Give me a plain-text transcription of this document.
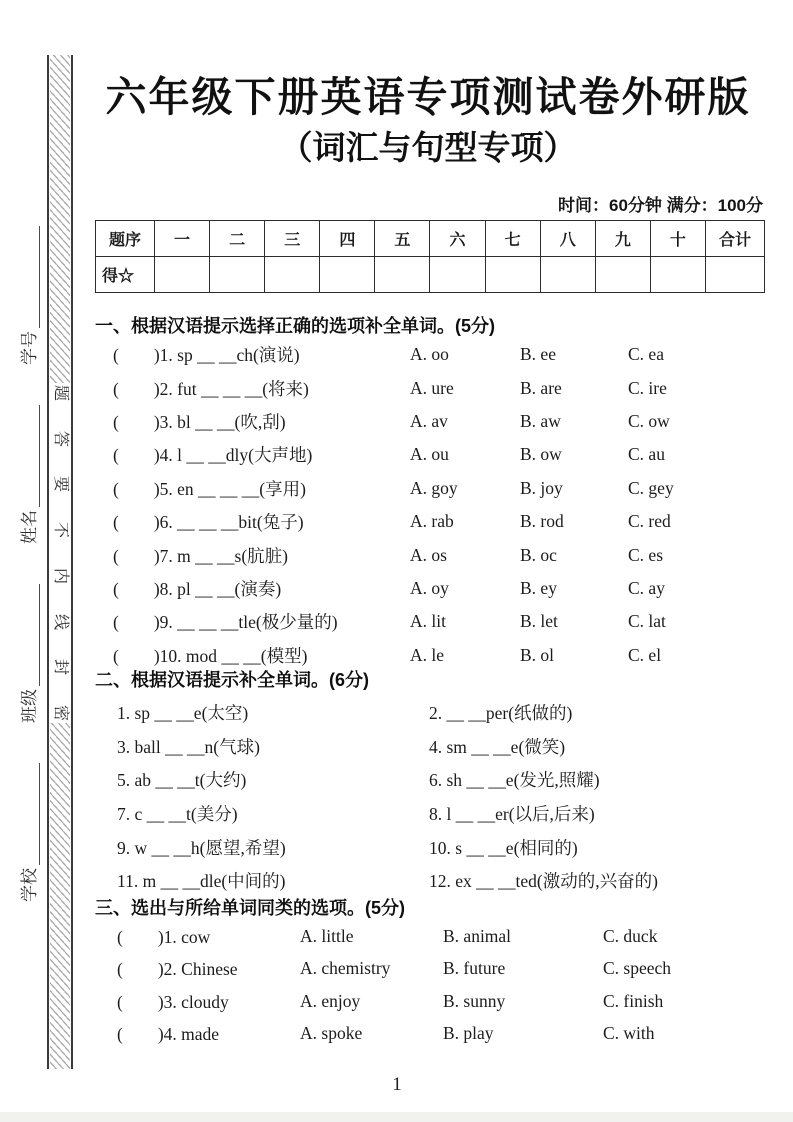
题
答
要
不
内
线
封
密
学校
班级
姓名
学号
六年级下册英语专项测试卷外研版
（词汇与句型专项）
时间：60分钟 满分：100分
题序	一	二	三	四	五	六	七	八	九	十	合计
得☆											
一、根据汉语提示选择正确的选项补全单词。(5分)
(　　)1. sp __ __ch(演说)	A. oo	B. ee	C. ea
(　　)2. fut __ __ __(将来)	A. ure	B. are	C. ire
(　　)3. bl __ __(吹,刮)	A. av	B. aw	C. ow
(　　)4. l __ __dly(大声地)	A. ou	B. ow	C. au
(　　)5. en __ __ __(享用)	A. goy	B. joy	C. gey
(　　)6. __ __ __bit(兔子)	A. rab	B. rod	C. red
(　　)7. m __ __s(肮脏)	A. os	B. oc	C. es
(　　)8. pl __ __(演奏)	A. oy	B. ey	C. ay
(　　)9. __ __ __tle(极少量的)	A. lit	B. let	C. lat
(　　)10. mod __ __(模型)	A. le	B. ol	C. el
二、根据汉语提示补全单词。(6分)
1. sp __ __e(太空)	2. __ __per(纸做的)
3. ball __ __n(气球)	4. sm __ __e(微笑)
5. ab __ __t(大约)	6. sh __ __e(发光,照耀)
7. c __ __t(美分)	8. l __ __er(以后,后来)
9. w __ __h(愿望,希望)	10. s __ __e(相同的)
11. m __ __dle(中间的)	12. ex __ __ted(激动的,兴奋的)
三、选出与所给单词同类的选项。(5分)
(　　)1. cow	A. little	B. animal	C. duck
(　　)2. Chinese	A. chemistry	B. future	C. speech
(　　)3. cloudy	A. enjoy	B. sunny	C. finish
(　　)4. made	A. spoke	B. play	C. with
1
